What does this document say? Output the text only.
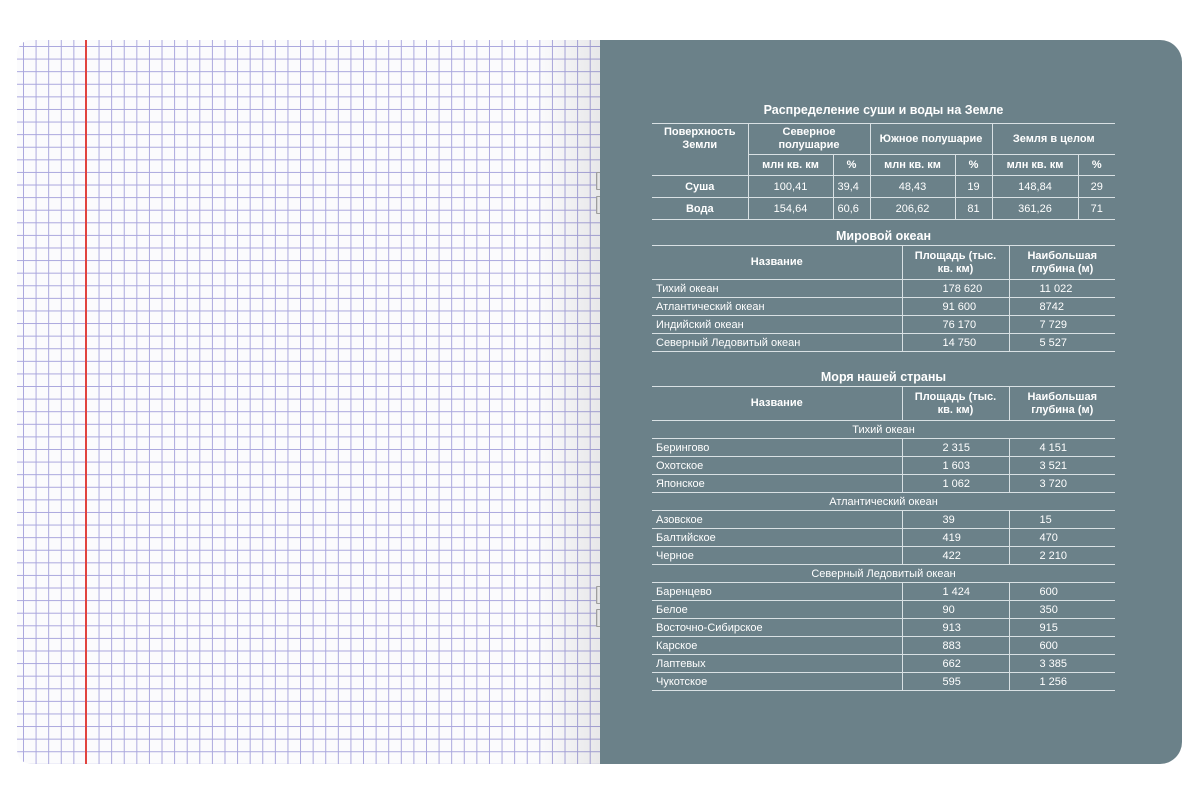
Распределение суши и воды на Земле
Поверхность Земли	Северное полушарие		Южное полушарие		Земля в целом	
	млн кв. км	%	млн кв. км	%	млн кв. км	%
Суша	100,41	39,4	48,43	19	148,84	29
Вода	154,64	60,6	206,62	81	361,26	71
Мировой океан
Название	Площадь (тыс. кв. км)	Наибольшая глубина (м)
Тихий океан	178 620	11 022
Атлантический океан	91 600	8742
Индийский океан	76 170	7 729
Северный Ледовитый океан	14 750	5 527
Моря нашей страны
Название	Площадь (тыс. кв. км)	Наибольшая глубина (м)
Тихий океан		
Берингово	2 315	4 151
Охотское	1 603	3 521
Японское	1 062	3 720
Атлантический океан		
Азовское	39	15
Балтийское	419	470
Черное	422	2 210
Северный Ледовитый океан		
Баренцево	1 424	600
Белое	90	350
Восточно-Сибирское	913	915
Карское	883	600
Лаптевых	662	3 385
Чукотское	595	1 256
